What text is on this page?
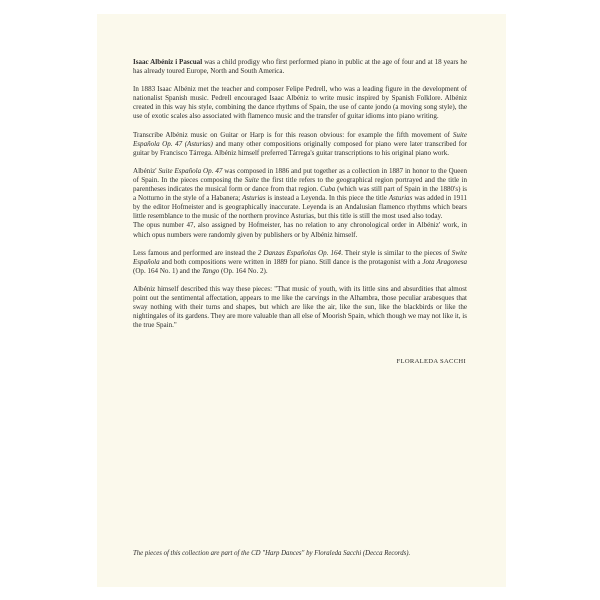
Isaac Albéniz i Pascual was a child prodigy who first performed piano in public at the age of four and at 18 years he has already toured Europe, North and South America.

In 1883 Isaac Albéniz met the teacher and composer Felipe Pedrell, who was a leading figure in the development of nationalist Spanish music. Pedrell encouraged Isaac Albéniz to write music inspired by Spanish Folklore. Albéniz created in this way his style, combining the dance rhythms of Spain, the use of cante jondo (a moving song style), the use of exotic scales also associated with flamenco music and the transfer of guitar idioms into piano writing.

Transcribe Albéniz music on Guitar or Harp is for this reason obvious: for example the fifth movement of Suite Española Op. 47 (Asturias) and many other compositions originally composed for piano were later transcribed for guitar by Francisco Tárrega. Albéniz himself preferred Tárrega's guitar transcriptions to his original piano work.

Albéniz' Suite Española Op. 47 was composed in 1886 and put together as a collection in 1887 in honor to the Queen of Spain. In the pieces composing the Suite the first title refers to the geographical region portrayed and the title in parentheses indicates the musical form or dance from that region. Cuba (which was still part of Spain in the 1880's) is a Notturno in the style of a Habanera; Asturias is instead a Leyenda. In this piece the title Asturias was added in 1911 by the editor Hofmeister and is geographically inaccurate. Leyenda is an Andalusian flamenco rhythms which bears little resemblance to the music of the northern province Asturias, but this title is still the most used also today.

The opus number 47, also assigned by Hofmeister, has no relation to any chronological order in Albéniz' work, in which opus numbers were randomly given by publishers or by Albéniz himself.

Less famous and performed are instead the 2 Danzas Españolas Op. 164. Their style is similar to the pieces of Swite Española and both compositions were written in 1889 for piano. Still dance is the protagonist with a Jota Aragonesa (Op. 164 No. 1) and the Tango (Op. 164 No. 2).

Albéniz himself described this way these pieces: "That music of youth, with its little sins and absurdities that almost point out the sentimental affectation, appears to me like the carvings in the Alhambra, those peculiar arabesques that sway nothing with their turns and shapes, but which are like the air, like the sun, like the blackbirds or like the nightingales of its gardens. They are more valuable than all else of Moorish Spain, which though we may not like it, is the true Spain."

FLORALEDA SACCHI
The pieces of this collection are part of the CD "Harp Dances" by Floraleda Sacchi (Decca Records).
